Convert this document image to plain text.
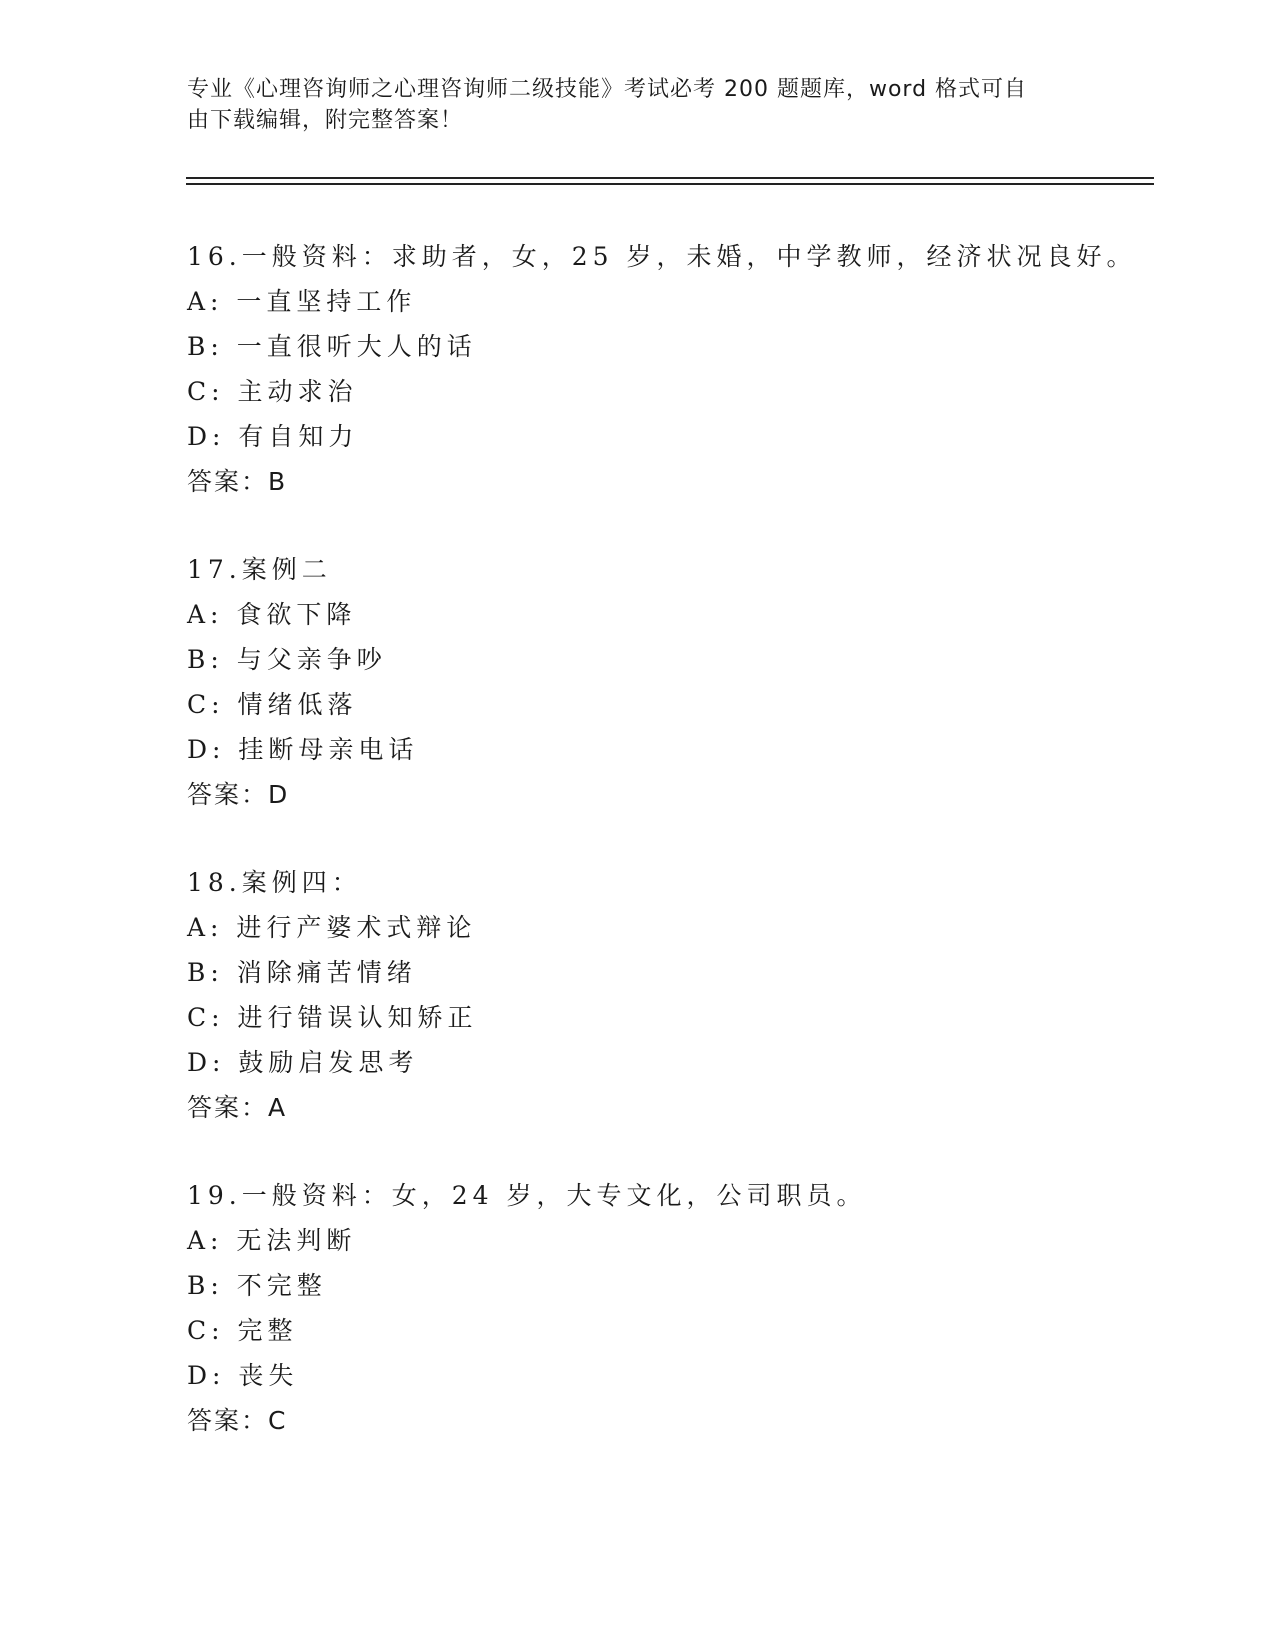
专业《心理咨询师之心理咨询师二级技能》考试必考 200 题题库，word 格式可自
由下载编辑，附完整答案！
16.一般资料：求助者，女，25 岁，未婚，中学教师，经济状况良好。
A: 一直坚持工作
B: 一直很听大人的话
C: 主动求治
D: 有自知力
答案：B
17.案例二
A: 食欲下降
B: 与父亲争吵
C: 情绪低落
D: 挂断母亲电话
答案：D
18.案例四：
A: 进行产婆术式辩论
B: 消除痛苦情绪
C: 进行错误认知矫正
D: 鼓励启发思考
答案：A
19.一般资料：女，24 岁，大专文化，公司职员。
A: 无法判断
B: 不完整
C: 完整
D: 丧失
答案：C
